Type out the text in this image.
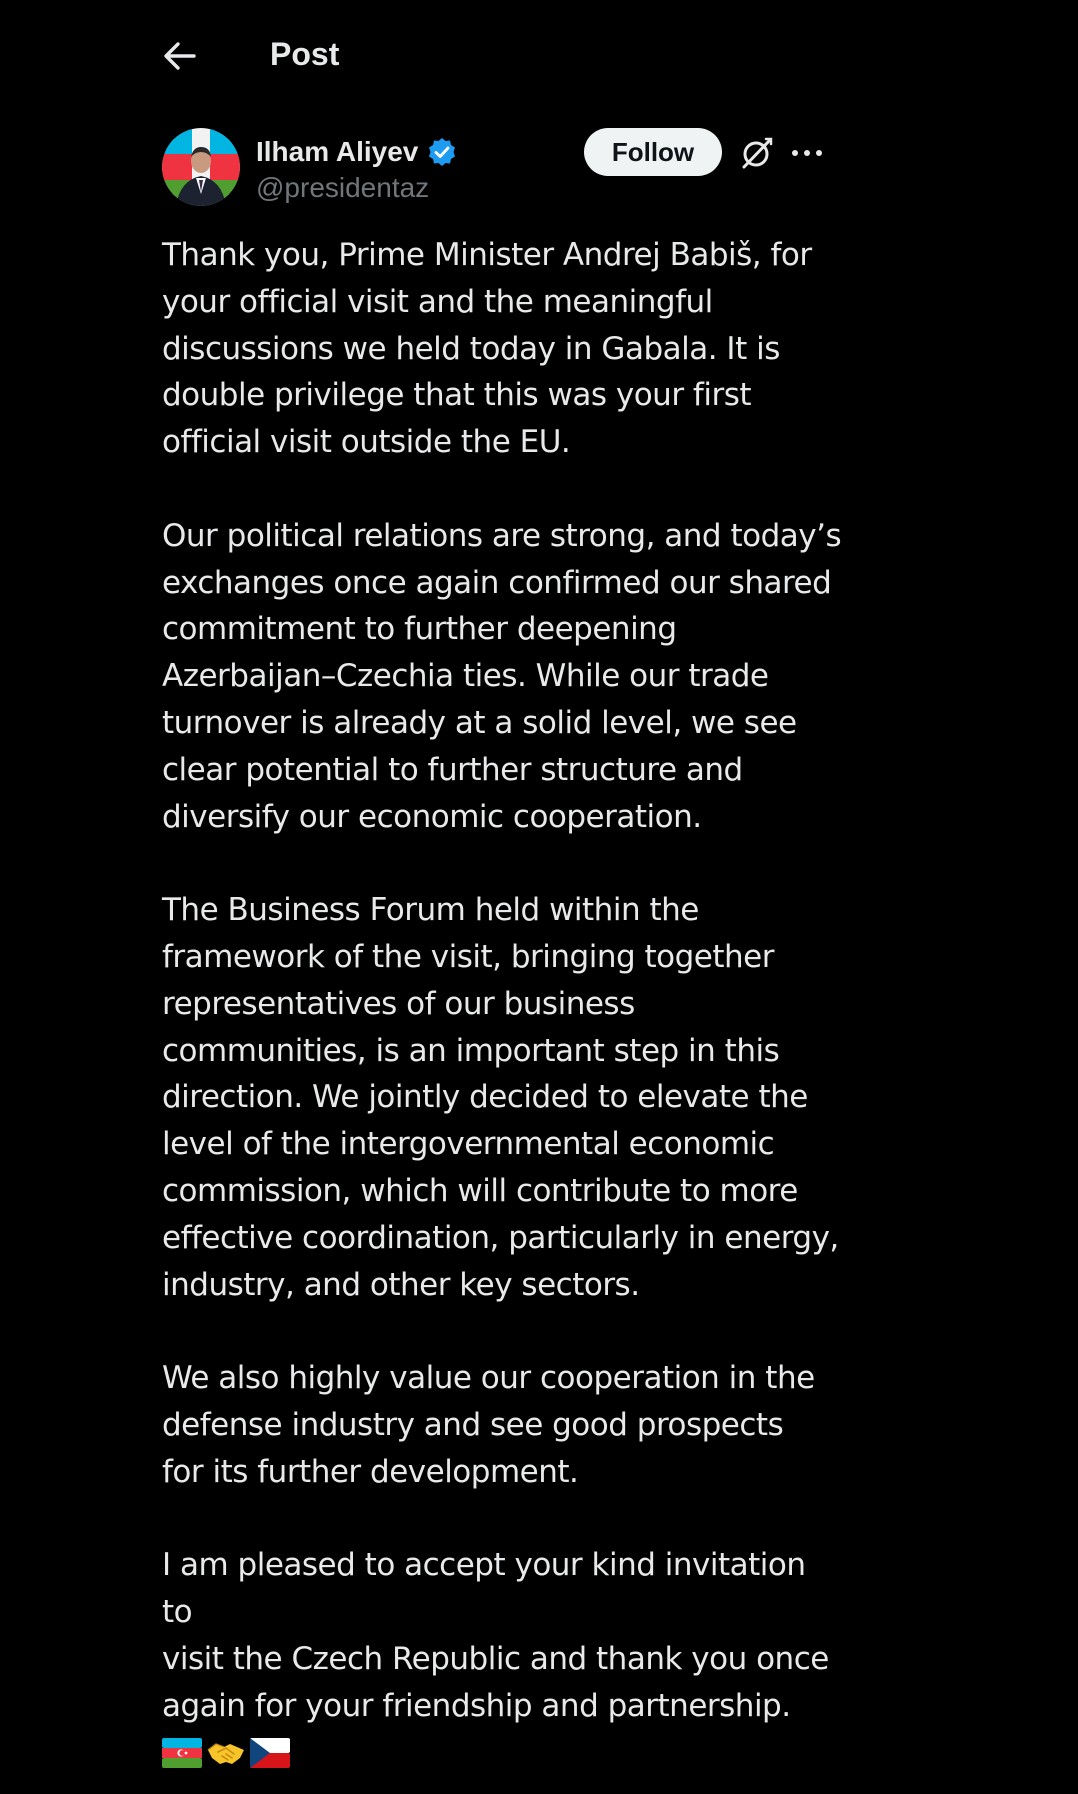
Post
Ilham Aliyev
@presidentaz
Follow

Thank you, Prime Minister Andrej Babiš, for
your official visit and the meaningful
discussions we held today in Gabala. It is
double privilege that this was your first
official visit outside the EU.

Our political relations are strong, and today’s
exchanges once again confirmed our shared
commitment to further deepening
Azerbaijan–Czechia ties. While our trade
turnover is already at a solid level, we see
clear potential to further structure and
diversify our economic cooperation.

The Business Forum held within the
framework of the visit, bringing together
representatives of our business
communities, is an important step in this
direction. We jointly decided to elevate the
level of the intergovernmental economic
commission, which will contribute to more
effective coordination, particularly in energy,
industry, and other key sectors.

We also highly value our cooperation in the
defense industry and see good prospects
for its further development.

I am pleased to accept your kind invitation to
visit the Czech Republic and thank you once
again for your friendship and partnership.
